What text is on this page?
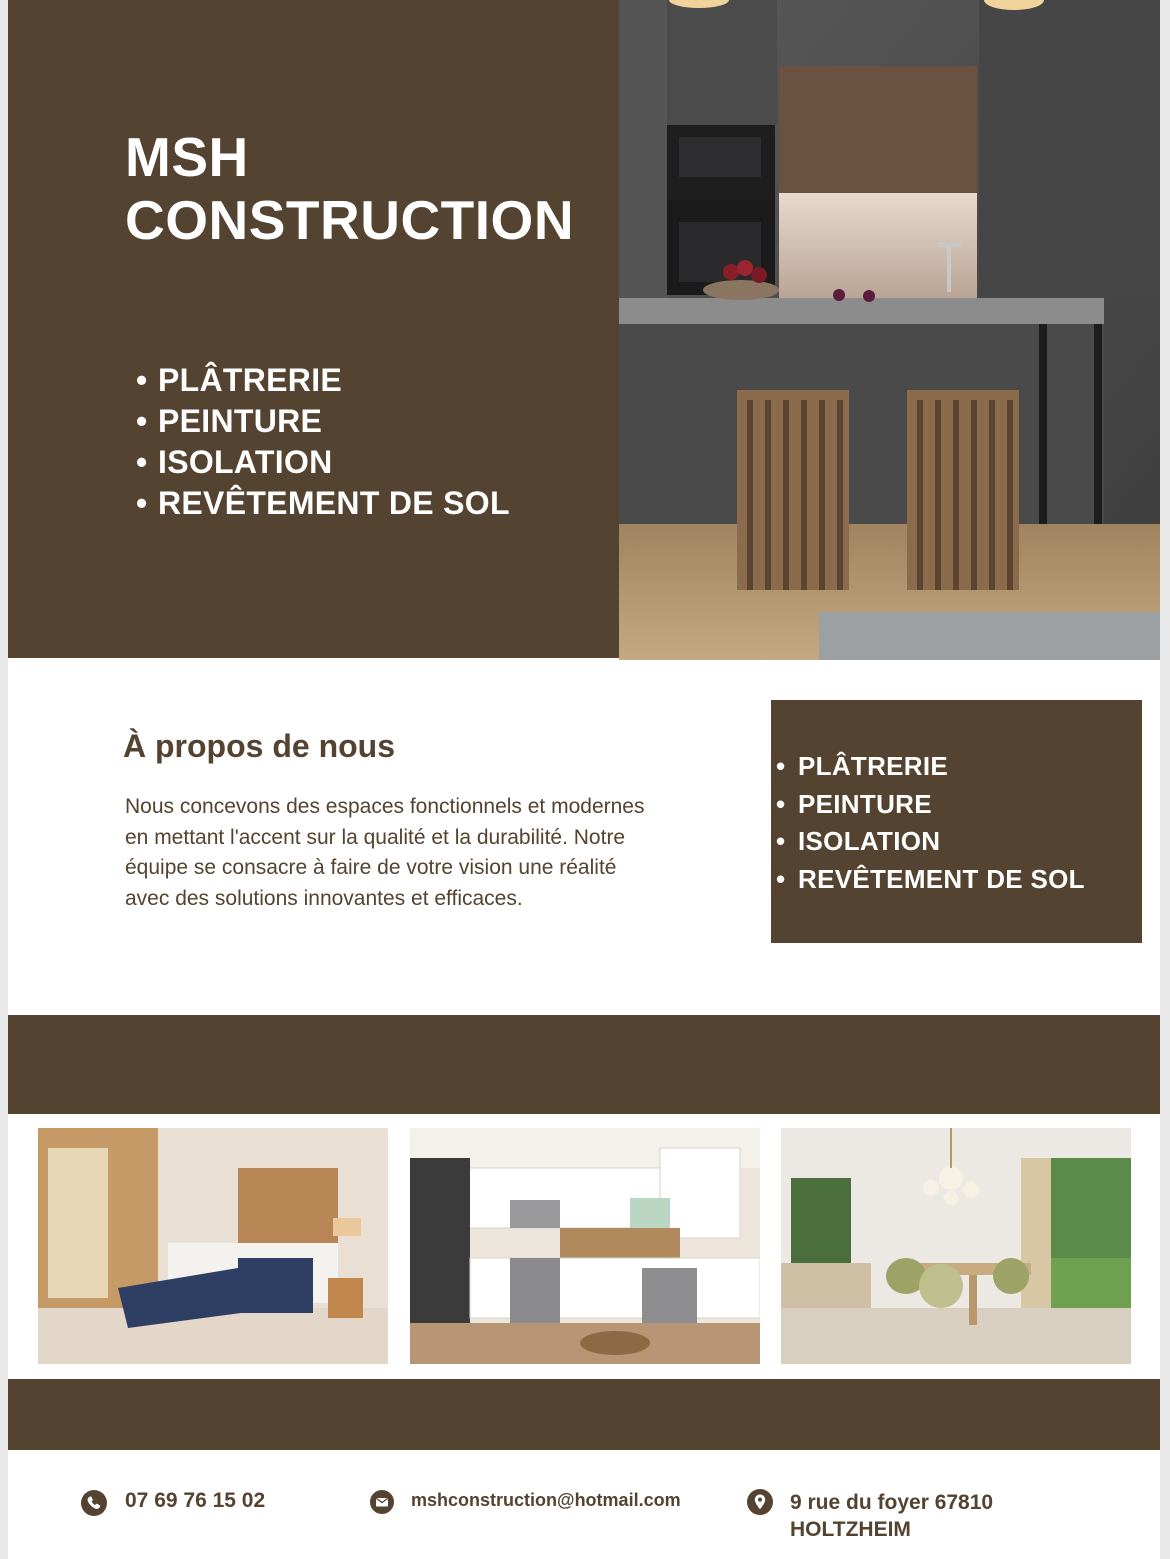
MSH
CONSTRUCTION
• PLÂTRERIE
• PEINTURE
• ISOLATION
• REVÊTEMENT DE SOL
À propos de nous

Nous concevons des espaces fonctionnels et modernes en mettant l'accent sur la qualité et la durabilité. Notre équipe se consacre à faire de votre vision une réalité avec des solutions innovantes et efficaces.

• PLÂTRERIE
• PEINTURE
• ISOLATION
• REVÊTEMENT DE SOL
07 69 76 15 02	mshconstruction@hotmail.com	9 rue du foyer 67810
HOLTZHEIM
